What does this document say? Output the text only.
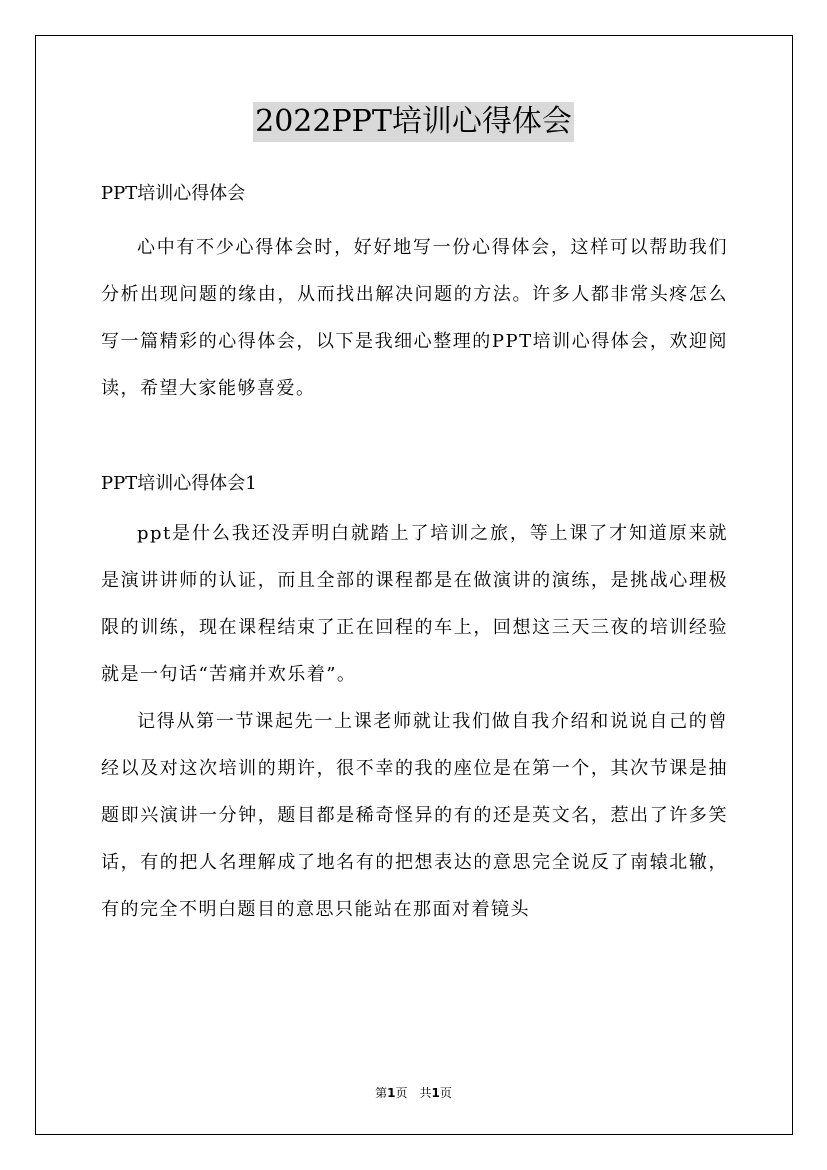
2022PPT培训心得体会

PPT培训心得体会

心中有不少心得体会时，好好地写一份心得体会，这样可以帮助我们分析出现问题的缘由，从而找出解决问题的方法。许多人都非常头疼怎么写一篇精彩的心得体会，以下是我细心整理的PPT培训心得体会，欢迎阅读，希望大家能够喜爱。

PPT培训心得体会1

ppt是什么我还没弄明白就踏上了培训之旅，等上课了才知道原来就是演讲讲师的认证，而且全部的课程都是在做演讲的演练，是挑战心理极限的训练，现在课程结束了正在回程的车上，回想这三天三夜的培训经验就是一句话“苦痛并欢乐着”。

记得从第一节课起先一上课老师就让我们做自我介绍和说说自己的曾经以及对这次培训的期许，很不幸的我的座位是在第一个，其次节课是抽题即兴演讲一分钟，题目都是稀奇怪异的有的还是英文名，惹出了许多笑话，有的把人名理解成了地名有的把想表达的意思完全说反了南辕北辙，有的完全不明白题目的意思只能站在那面对着镜头

第1页 共1页
